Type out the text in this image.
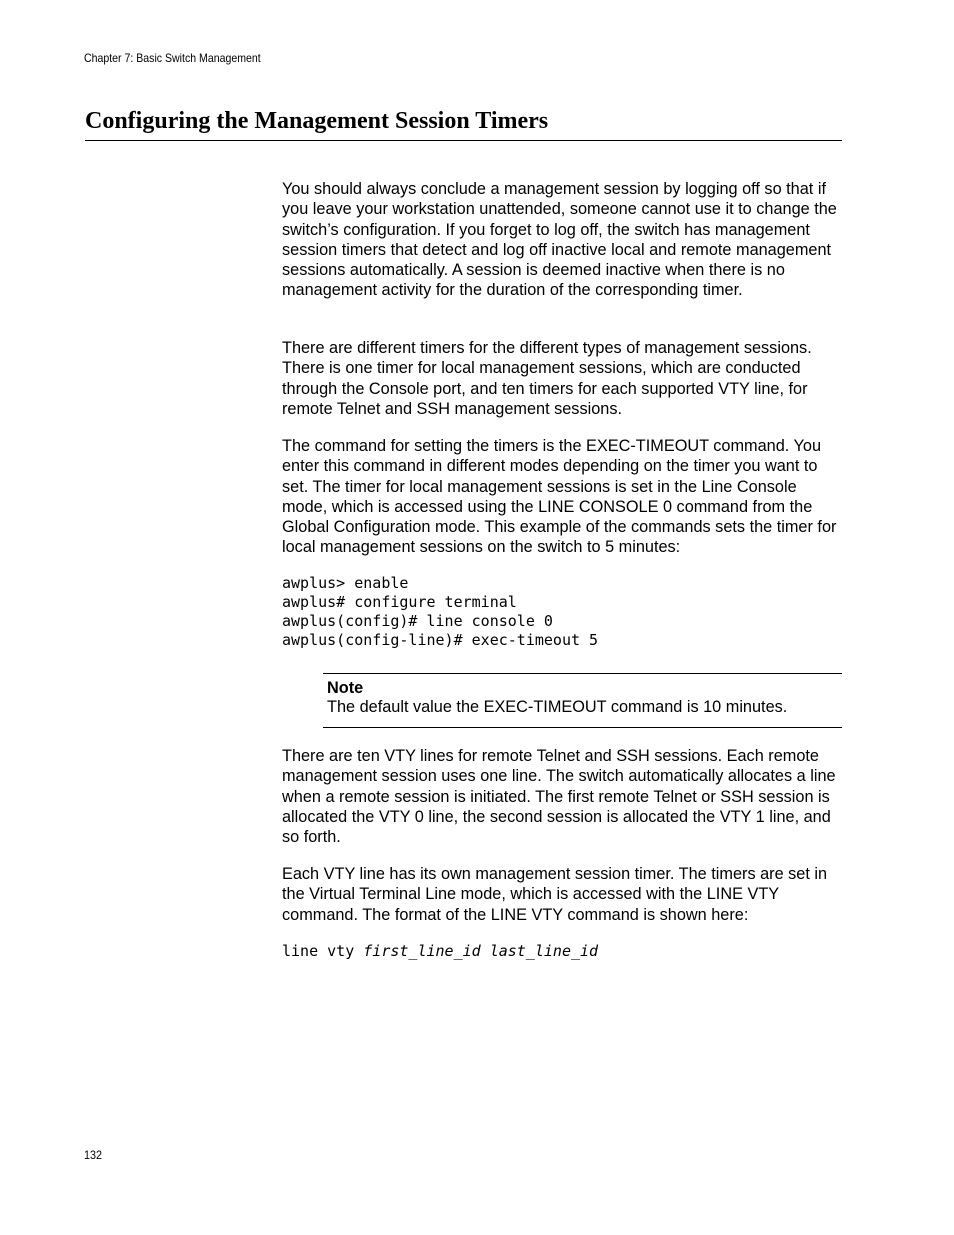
Chapter 7: Basic Switch Management
Configuring the Management Session Timers

You should always conclude a management session by logging off so that if you leave your workstation unattended, someone cannot use it to change the switch’s configuration. If you forget to log off, the switch has management session timers that detect and log off inactive local and remote management sessions automatically. A session is deemed inactive when there is no management activity for the duration of the corresponding timer.

There are different timers for the different types of management sessions. There is one timer for local management sessions, which are conducted through the Console port, and ten timers for each supported VTY line, for remote Telnet and SSH management sessions.

The command for setting the timers is the EXEC-TIMEOUT command. You enter this command in different modes depending on the timer you want to set. The timer for local management sessions is set in the Line Console mode, which is accessed using the LINE CONSOLE 0 command from the Global Configuration mode. This example of the commands sets the timer for local management sessions on the switch to 5 minutes:

awplus> enable
awplus# configure terminal
awplus(config)# line console 0
awplus(config-line)# exec-timeout 5
Note
The default value the EXEC-TIMEOUT command is 10 minutes.

There are ten VTY lines for remote Telnet and SSH sessions. Each remote management session uses one line. The switch automatically allocates a line when a remote session is initiated. The first remote Telnet or SSH session is allocated the VTY 0 line, the second session is allocated the VTY 1 line, and so forth.

Each VTY line has its own management session timer. The timers are set in the Virtual Terminal Line mode, which is accessed with the LINE VTY command. The format of the LINE VTY command is shown here:

line vty first_line_id last_line_id
132
